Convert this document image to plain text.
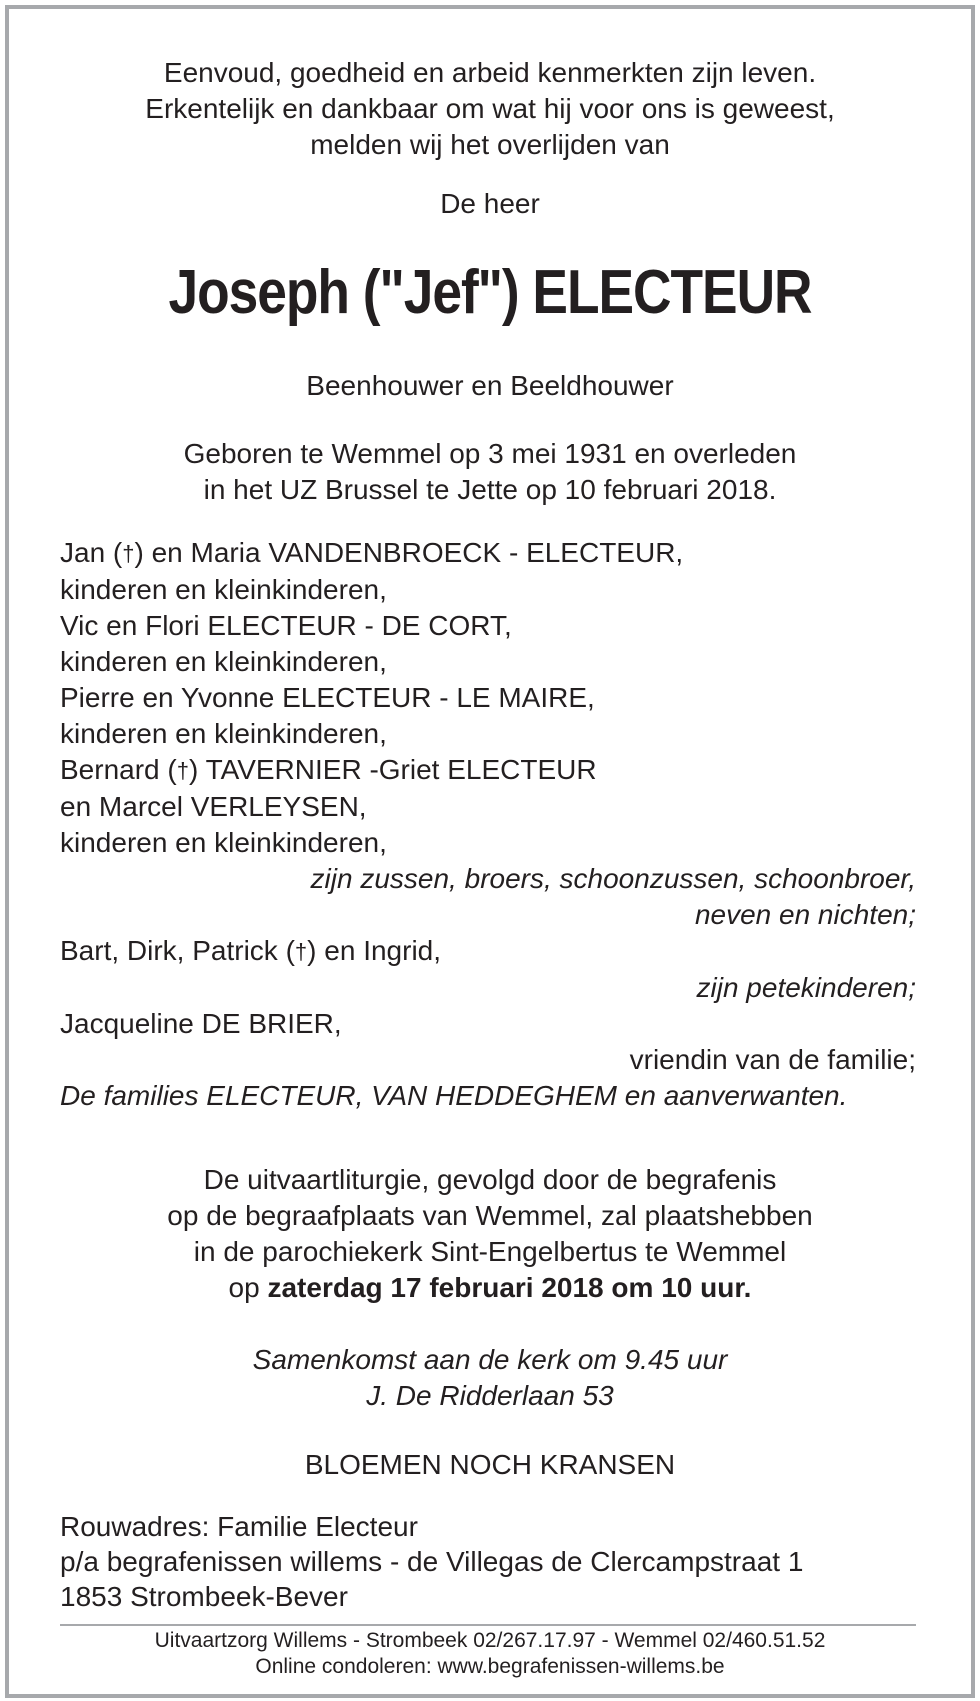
Eenvoud, goedheid en arbeid kenmerkten zijn leven.
Erkentelijk en dankbaar om wat hij voor ons is geweest,
melden wij het overlijden van
De heer
Joseph ("Jef") ELECTEUR
Beenhouwer en Beeldhouwer
Geboren te Wemmel op 3 mei 1931 en overleden
in het UZ Brussel te Jette op 10 februari 2018.
Jan (†) en Maria VANDENBROECK - ELECTEUR,
kinderen en kleinkinderen,
Vic en Flori ELECTEUR - DE CORT,
kinderen en kleinkinderen,
Pierre en Yvonne ELECTEUR - LE MAIRE,
kinderen en kleinkinderen,
Bernard (†) TAVERNIER -Griet ELECTEUR
en Marcel VERLEYSEN,
kinderen en kleinkinderen,
zijn zussen, broers, schoonzussen, schoonbroer,
neven en nichten;
Bart, Dirk, Patrick (†) en Ingrid,
zijn petekinderen;
Jacqueline DE BRIER,
vriendin van de familie;
De families ELECTEUR, VAN HEDDEGHEM en aanverwanten.
De uitvaartliturgie, gevolgd door de begrafenis
op de begraafplaats van Wemmel, zal plaatshebben
in de parochiekerk Sint-Engelbertus te Wemmel
op zaterdag 17 februari 2018 om 10 uur.
Samenkomst aan de kerk om 9.45 uur
J. De Ridderlaan 53
BLOEMEN NOCH KRANSEN
Rouwadres: Familie Electeur
p/a begrafenissen willems - de Villegas de Clercampstraat 1
1853 Strombeek-Bever
Uitvaartzorg Willems - Strombeek 02/267.17.97 - Wemmel 02/460.51.52
Online condoleren: www.begrafenissen-willems.be
